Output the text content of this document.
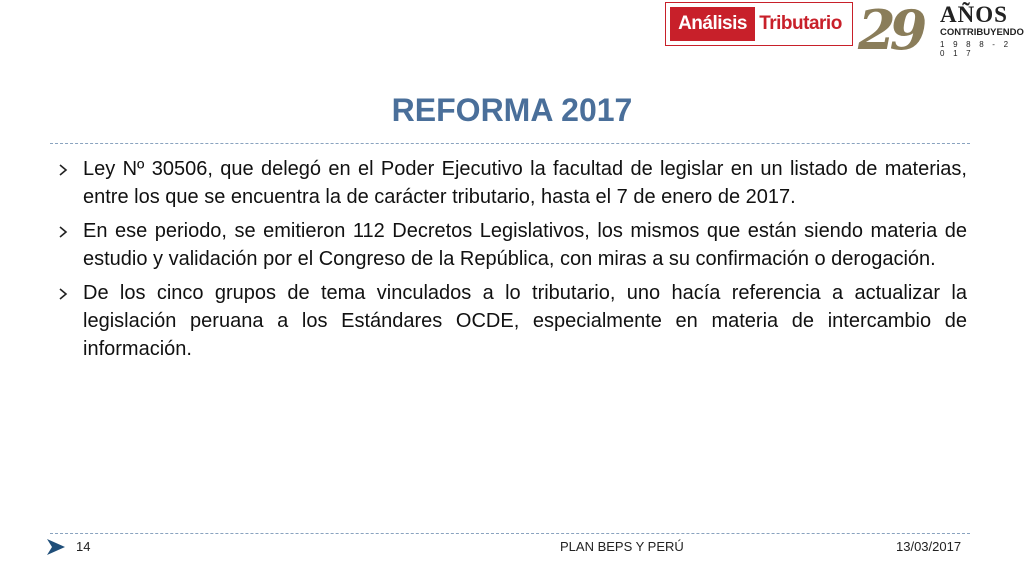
Análisis Tributario 29 AÑOS
CONTRIBUYENDO
1 9 8 8 - 2 0 1 7
REFORMA 2017
Ley Nº 30506, que delegó en el Poder Ejecutivo la facultad de legislar en un listado de materias, entre los que se encuentra la de carácter tributario, hasta el 7 de enero de 2017.
En ese periodo, se emitieron 112 Decretos Legislativos, los mismos que están siendo materia de estudio y validación por el Congreso de la República, con miras a su confirmación o derogación.
De los cinco grupos de tema vinculados a lo tributario, uno hacía referencia a actualizar la legislación peruana a los Estándares OCDE, especialmente en materia de intercambio de información.
14	PLAN BEPS Y PERÚ	13/03/2017
